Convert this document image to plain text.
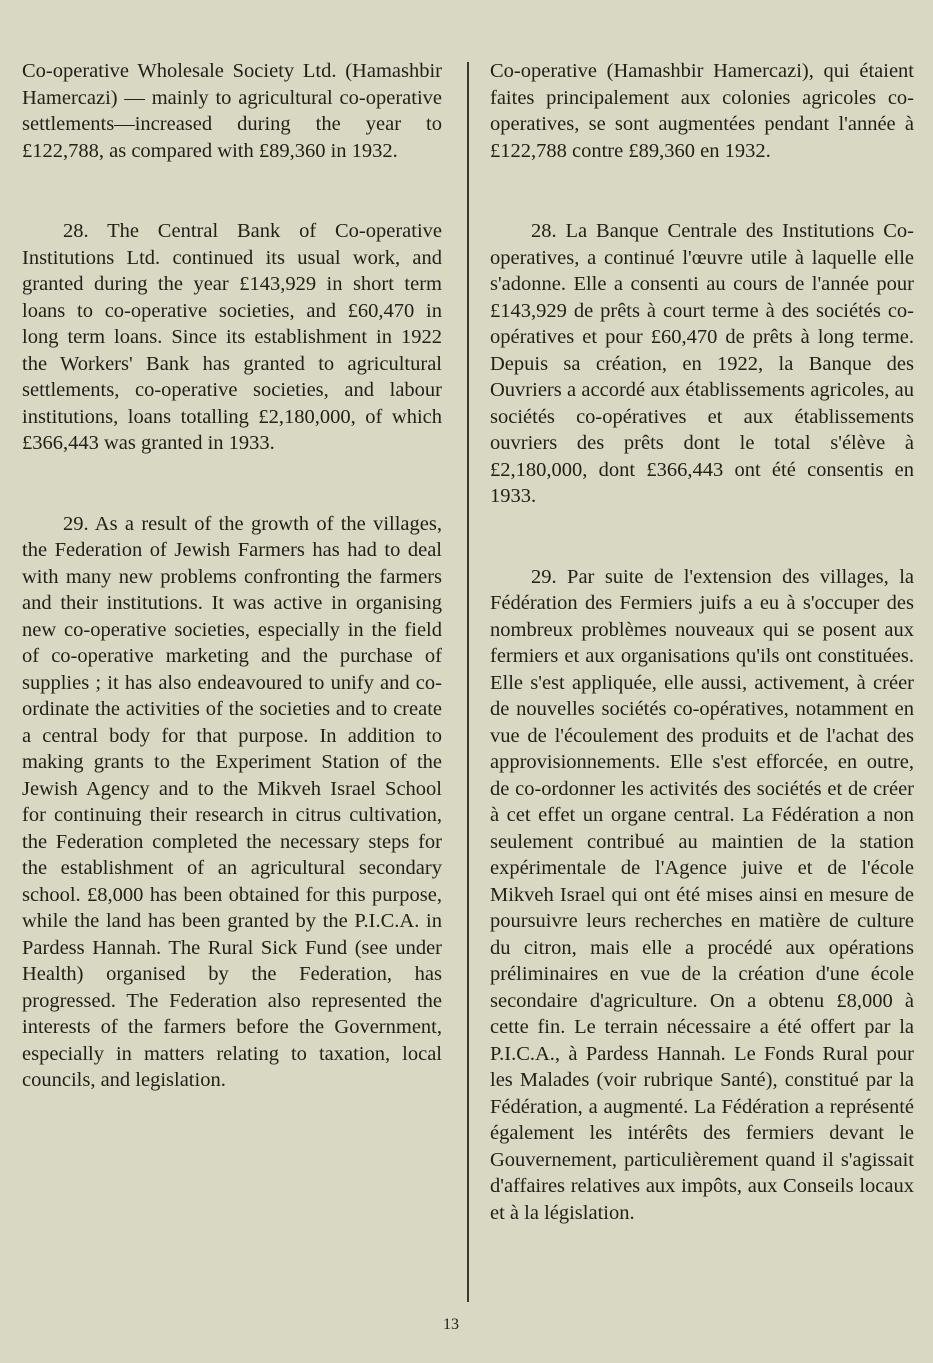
Co-operative Wholesale Society Ltd. (Hamashbir Hamercazi) — mainly to agricultural co-operative settlements—increased during the year to £122,788, as compared with £89,360 in 1932.

28. The Central Bank of Co-operative Institutions Ltd. continued its usual work, and granted during the year £143,929 in short term loans to co-operative societies, and £60,470 in long term loans. Since its establishment in 1922 the Workers' Bank has granted to agricultural settlements, co-operative societies, and labour institutions, loans totalling £2,180,000, of which £366,443 was granted in 1933.

29. As a result of the growth of the villages, the Federation of Jewish Farmers has had to deal with many new problems confronting the farmers and their institutions. It was active in organising new co-operative societies, especially in the field of co-operative marketing and the purchase of supplies ; it has also endeavoured to unify and co-ordinate the activities of the societies and to create a central body for that purpose. In addition to making grants to the Experiment Station of the Jewish Agency and to the Mikveh Israel School for continuing their research in citrus cultivation, the Federation completed the necessary steps for the establishment of an agricultural secondary school. £8,000 has been obtained for this purpose, while the land has been granted by the P.I.C.A. in Pardess Hannah. The Rural Sick Fund (see under Health) organised by the Federation, has progressed. The Federation also represented the interests of the farmers before the Government, especially in matters relating to taxation, local councils, and legislation.

Co-operative (Hamashbir Hamercazi), qui étaient faites principalement aux colonies agricoles co-operatives, se sont augmentées pendant l'année à £122,788 contre £89,360 en 1932.

28. La Banque Centrale des Institutions Co-operatives, a continué l'œuvre utile à laquelle elle s'adonne. Elle a consenti au cours de l'année pour £143,929 de prêts à court terme à des sociétés co-opératives et pour £60,470 de prêts à long terme. Depuis sa création, en 1922, la Banque des Ouvriers a accordé aux établissements agricoles, au sociétés co-opératives et aux établissements ouvriers des prêts dont le total s'élève à £2,180,000, dont £366,443 ont été consentis en 1933.

29. Par suite de l'extension des villages, la Fédération des Fermiers juifs a eu à s'occuper des nombreux problèmes nouveaux qui se posent aux fermiers et aux organisations qu'ils ont constituées. Elle s'est appliquée, elle aussi, activement, à créer de nouvelles sociétés co-opératives, notamment en vue de l'écoulement des produits et de l'achat des approvisionnements. Elle s'est efforcée, en outre, de co-ordonner les activités des sociétés et de créer à cet effet un organe central. La Fédération a non seulement contribué au maintien de la station expérimentale de l'Agence juive et de l'école Mikveh Israel qui ont été mises ainsi en mesure de poursuivre leurs recherches en matière de culture du citron, mais elle a procédé aux opérations préliminaires en vue de la création d'une école secondaire d'agriculture. On a obtenu £8,000 à cette fin. Le terrain nécessaire a été offert par la P.I.C.A., à Pardess Hannah. Le Fonds Rural pour les Malades (voir rubrique Santé), constitué par la Fédération, a augmenté. La Fédération a représenté également les intérêts des fermiers devant le Gouvernement, particulièrement quand il s'agissait d'affaires relatives aux impôts, aux Conseils locaux et à la législation.

13
